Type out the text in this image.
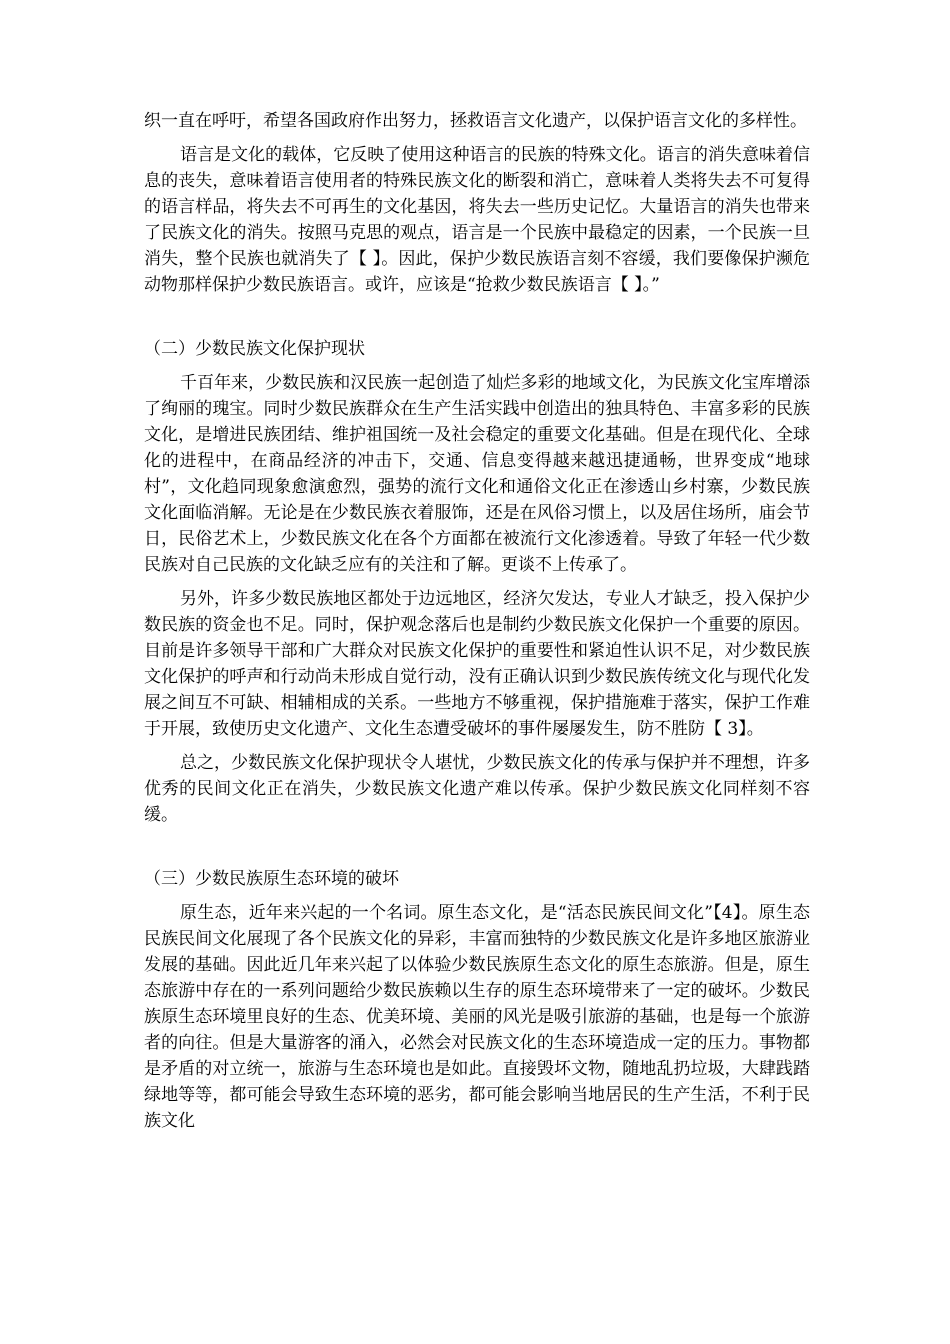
织一直在呼吁，希望各国政府作出努力，拯救语言文化遗产，以保护语言文化的多样性。

语言是文化的载体，它反映了使用这种语言的民族的特殊文化。语言的消失意味着信息的丧失，意味着语言使用者的特殊民族文化的断裂和消亡，意味着人类将失去不可复得的语言样品，将失去不可再生的文化基因，将失去一些历史记忆。大量语言的消失也带来了民族文化的消失。按照马克思的观点，语言是一个民族中最稳定的因素，一个民族一旦消失，整个民族也就消失了【 】。因此，保护少数民族语言刻不容缓，我们要像保护濒危动物那样保护少数民族语言。或许，应该是“抢救少数民族语言【 】。”

（二）少数民族文化保护现状

千百年来，少数民族和汉民族一起创造了灿烂多彩的地域文化，为民族文化宝库增添了绚丽的瑰宝。同时少数民族群众在生产生活实践中创造出的独具特色、丰富多彩的民族文化，是增进民族团结、维护祖国统一及社会稳定的重要文化基础。但是在现代化、全球化的进程中，在商品经济的冲击下，交通、信息变得越来越迅捷通畅，世界变成“地球村”，文化趋同现象愈演愈烈，强势的流行文化和通俗文化正在渗透山乡村寨，少数民族文化面临消解。无论是在少数民族衣着服饰，还是在风俗习惯上，以及居住场所，庙会节日，民俗艺术上，少数民族文化在各个方面都在被流行文化渗透着。导致了年轻一代少数民族对自己民族的文化缺乏应有的关注和了解。更谈不上传承了。

另外，许多少数民族地区都处于边远地区，经济欠发达，专业人才缺乏，投入保护少数民族的资金也不足。同时，保护观念落后也是制约少数民族文化保护一个重要的原因。目前是许多领导干部和广大群众对民族文化保护的重要性和紧迫性认识不足，对少数民族文化保护的呼声和行动尚未形成自觉行动，没有正确认识到少数民族传统文化与现代化发展之间互不可缺、相辅相成的关系。一些地方不够重视，保护措施难于落实，保护工作难于开展，致使历史文化遗产、文化生态遭受破坏的事件屡屡发生，防不胜防【 3】。

总之，少数民族文化保护现状令人堪忧，少数民族文化的传承与保护并不理想，许多优秀的民间文化正在消失，少数民族文化遗产难以传承。保护少数民族文化同样刻不容缓。

（三）少数民族原生态环境的破坏

原生态，近年来兴起的一个名词。原生态文化，是“活态民族民间文化”【4】。原生态民族民间文化展现了各个民族文化的异彩，丰富而独特的少数民族文化是许多地区旅游业发展的基础。因此近几年来兴起了以体验少数民族原生态文化的原生态旅游。但是，原生态旅游中存在的一系列问题给少数民族赖以生存的原生态环境带来了一定的破坏。少数民族原生态环境里良好的生态、优美环境、美丽的风光是吸引旅游的基础，也是每一个旅游者的向往。但是大量游客的涌入，必然会对民族文化的生态环境造成一定的压力。事物都是矛盾的对立统一，旅游与生态环境也是如此。直接毁坏文物，随地乱扔垃圾，大肆践踏绿地等等，都可能会导致生态环境的恶劣，都可能会影响当地居民的生产生活，不利于民族文化
